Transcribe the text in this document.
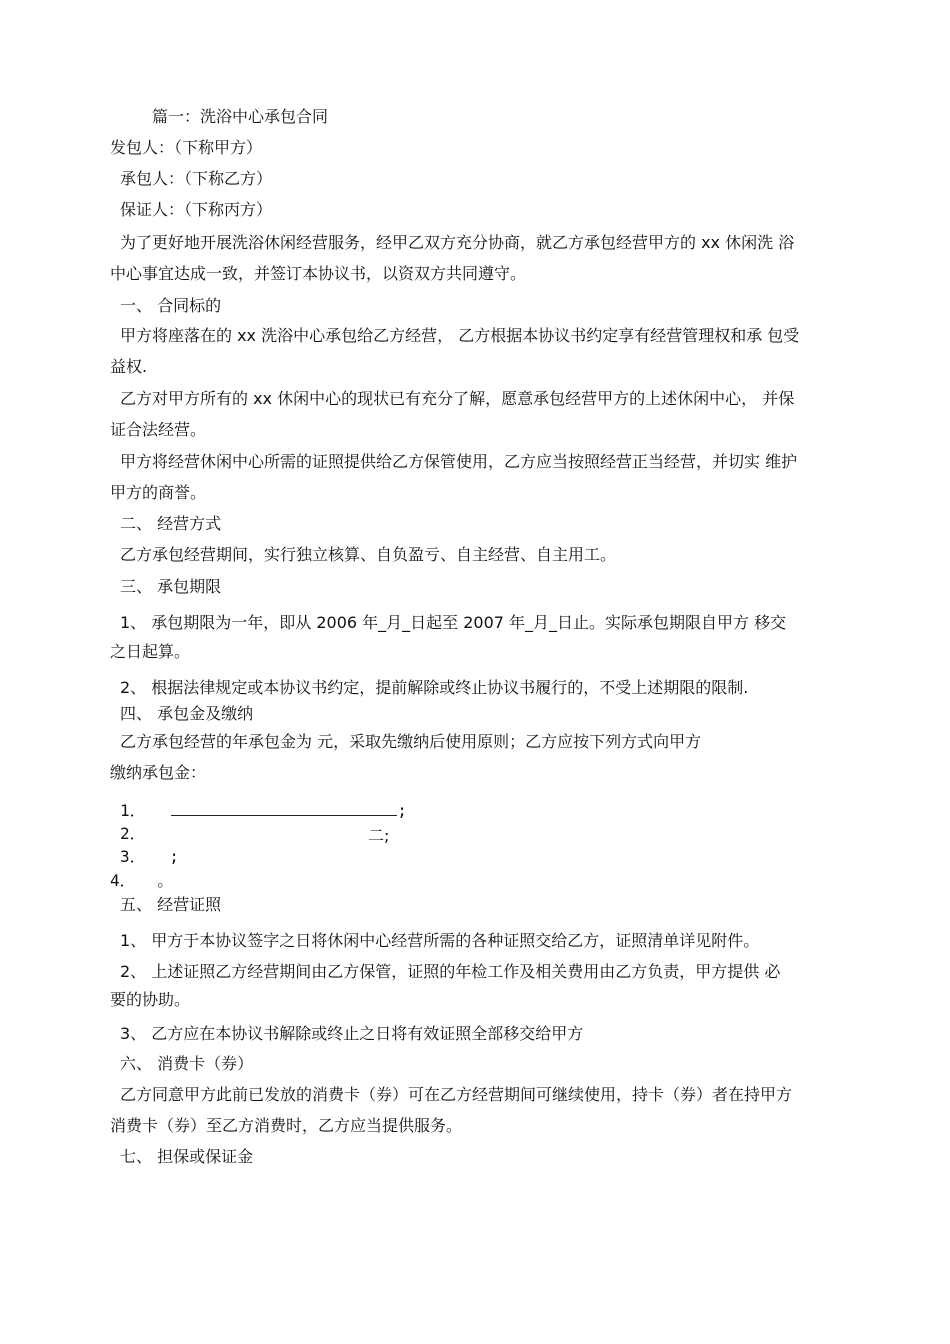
篇一：洗浴中心承包合同
发包人：（下称甲方）
承包人：（下称乙方）
保证人：（下称丙方）
为了更好地开展洗浴休闲经营服务，经甲乙双方充分协商，就乙方承包经营甲方的 xx 休闲洗 浴
中心事宜达成一致，并签订本协议书，以资双方共同遵守。
一、 合同标的
甲方将座落在的 xx 洗浴中心承包给乙方经营， 乙方根据本协议书约定享有经营管理权和承 包受
益权.
乙方对甲方所有的 xx 休闲中心的现状已有充分了解，愿意承包经营甲方的上述休闲中心， 并保
证合法经营。
甲方将经营休闲中心所需的证照提供给乙方保管使用，乙方应当按照经营正当经营，并切实 维护
甲方的商誉。
二、 经营方式
乙方承包经营期间，实行独立核算、自负盈亏、自主经营、自主用工。
三、 承包期限
1、 承包期限为一年，即从 2006 年_月_日起至 2007 年_月_日止。实际承包期限自甲方 移交
之日起算。
2、 根据法律规定或本协议书约定，提前解除或终止协议书履行的，不受上述期限的限制.
四、 承包金及缴纳
乙方承包经营的年承包金为 元，采取先缴纳后使用原则；乙方应按下列方式向甲方
缴纳承包金：
1．	;
2．	二;
3． ;
4． 。
五、 经营证照
1、 甲方于本协议签字之日将休闲中心经营所需的各种证照交给乙方，证照清单详见附件。
2、 上述证照乙方经营期间由乙方保管，证照的年检工作及相关费用由乙方负责，甲方提供 必
要的协助。
3、 乙方应在本协议书解除或终止之日将有效证照全部移交给甲方
六、 消费卡（券）
乙方同意甲方此前已发放的消费卡（券）可在乙方经营期间可继续使用，持卡（券）者在持甲方
消费卡（券）至乙方消费时，乙方应当提供服务。
七、 担保或保证金
